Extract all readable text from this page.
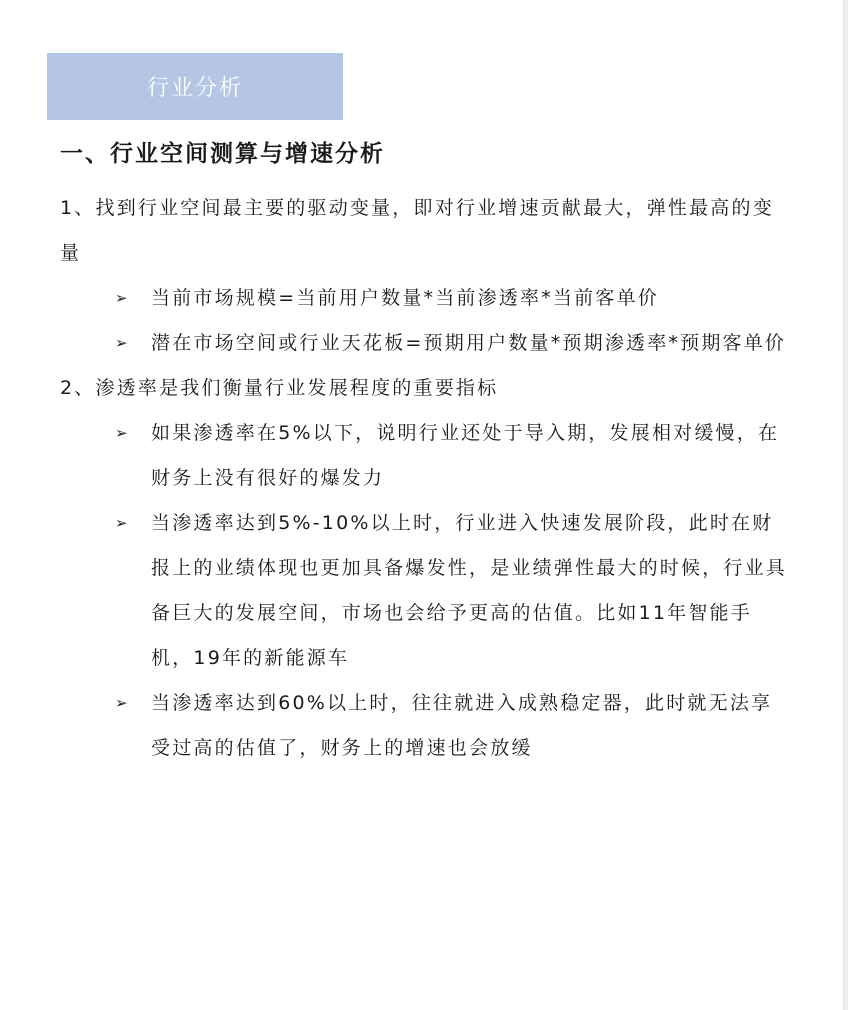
行业分析
一、行业空间测算与增速分析

1、找到行业空间最主要的驱动变量，即对行业增速贡献最大，弹性最高的变量

➢	当前市场规模=当前用户数量*当前渗透率*当前客单价
➢	潜在市场空间或行业天花板=预期用户数量*预期渗透率*预期客单价

2、渗透率是我们衡量行业发展程度的重要指标

➢	如果渗透率在5%以下，说明行业还处于导入期，发展相对缓慢，在财务上没有很好的爆发力
➢	当渗透率达到5%-10%以上时，行业进入快速发展阶段，此时在财报上的业绩体现也更加具备爆发性，是业绩弹性最大的时候，行业具备巨大的发展空间，市场也会给予更高的估值。比如11年智能手机，19年的新能源车
➢	当渗透率达到60%以上时，往往就进入成熟稳定器，此时就无法享受过高的估值了，财务上的增速也会放缓
